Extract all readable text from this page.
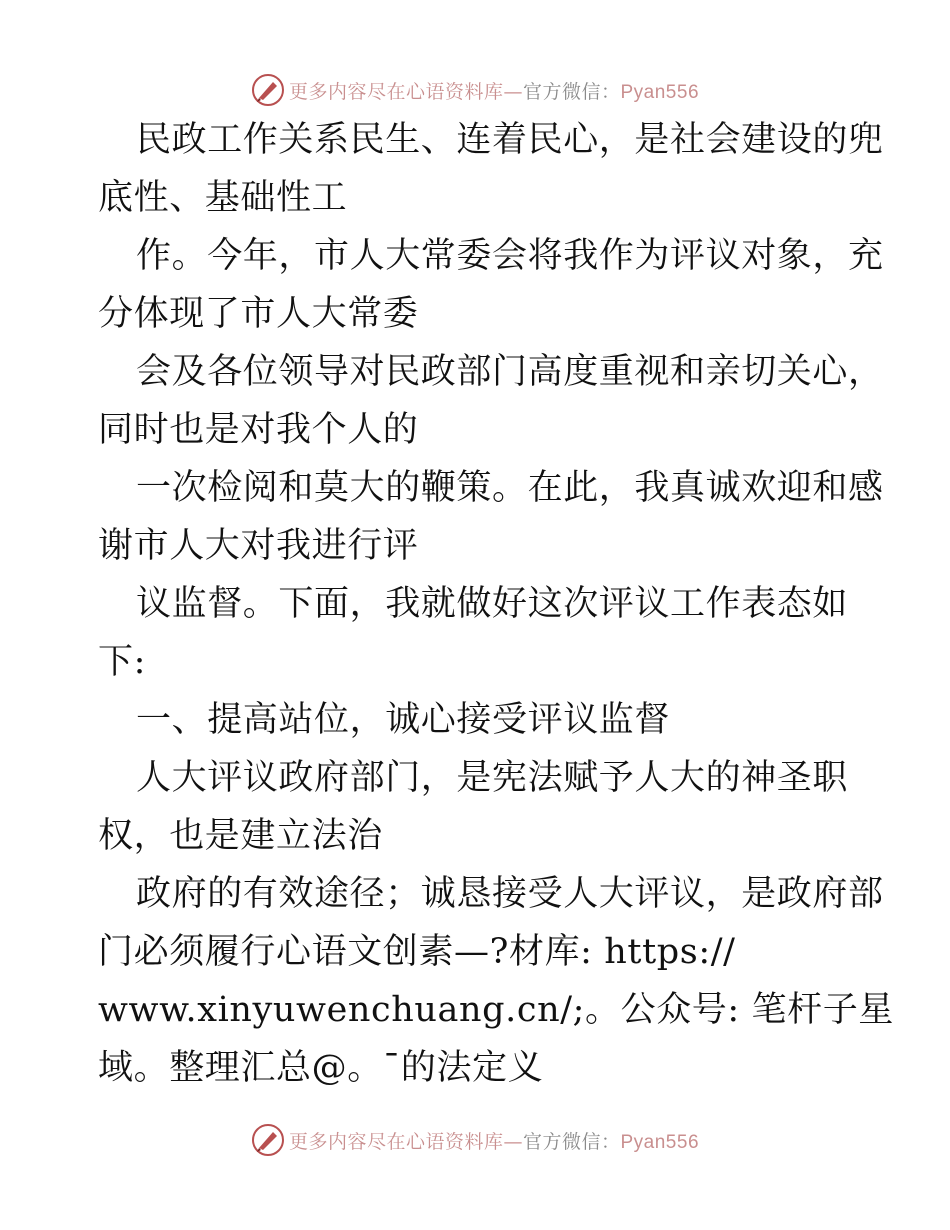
更多内容尽在心语资料库—官方微信：Pyan556
民政工作关系民生、连着民心，是社会建设的兜
底性、基础性工
作。今年，市人大常委会将我作为评议对象，充
分体现了市人大常委
会及各位领导对民政部门高度重视和亲切关心，
同时也是对我个人的
一次检阅和莫大的鞭策。在此，我真诚欢迎和感
谢市人大对我进行评
议监督。下面，我就做好这次评议工作表态如
下:
一、提高站位，诚心接受评议监督
人大评议政府部门，是宪法赋予人大的神圣职
权，也是建立法治
政府的有效途径；诚恳接受人大评议，是政府部
门必须履行心语文创素—?材库: https://
www.xinyuwenchuang.cn/;。公众号: 笔杆子星
域。整理汇总@。¯的法定义
更多内容尽在心语资料库—官方微信：Pyan556
